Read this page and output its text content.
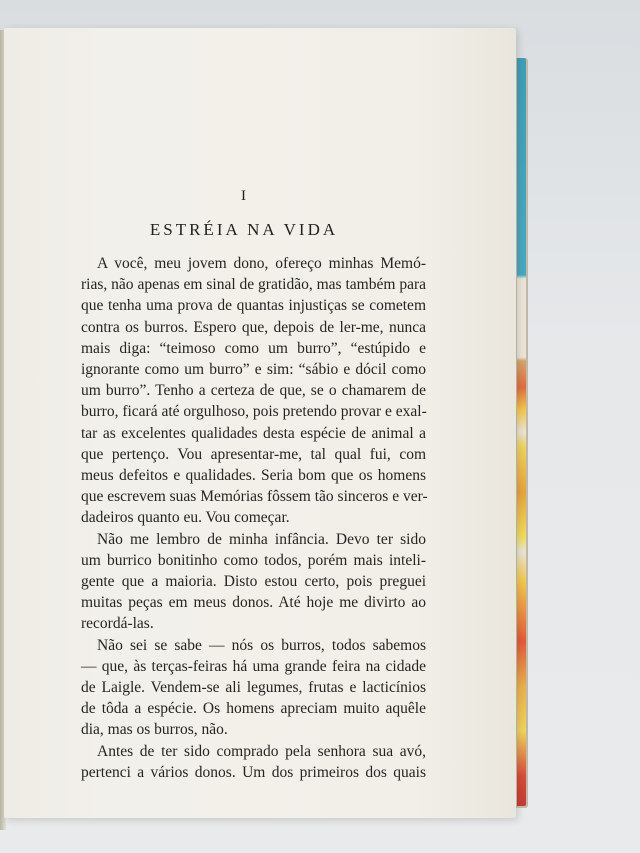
I
ESTRÉIA NA VIDA

A você, meu jovem dono, ofereço minhas Memó-
rias, não apenas em sinal de gratidão, mas também para
que tenha uma prova de quantas injustiças se cometem
contra os burros. Espero que, depois de ler-me, nunca
mais diga: “teimoso como um burro”, “estúpido e
ignorante como um burro” e sim: “sábio e dócil como
um burro”. Tenho a certeza de que, se o chamarem de
burro, ficará até orgulhoso, pois pretendo provar e exal-
tar as excelentes qualidades desta espécie de animal a
que pertenço. Vou apresentar-me, tal qual fui, com
meus defeitos e qualidades. Seria bom que os homens
que escrevem suas Memórias fôssem tão sinceros e ver-
dadeiros quanto eu. Vou começar.

Não me lembro de minha infância. Devo ter sido
um burrico bonitinho como todos, porém mais inteli-
gente que a maioria. Disto estou certo, pois preguei
muitas peças em meus donos. Até hoje me divirto ao
recordá-las.

Não sei se sabe — nós os burros, todos sabemos
— que, às terças-feiras há uma grande feira na cidade
de Laigle. Vendem-se ali legumes, frutas e lacticínios
de tôda a espécie. Os homens apreciam muito aquêle
dia, mas os burros, não.

Antes de ter sido comprado pela senhora sua avó,
pertenci a vários donos. Um dos primeiros dos quais
